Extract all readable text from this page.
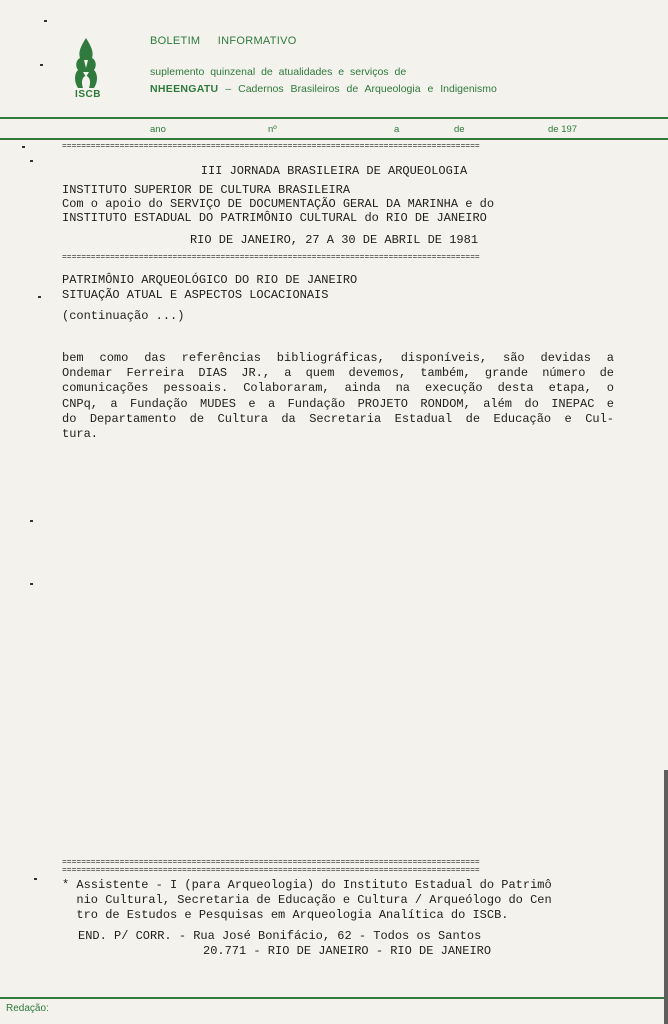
ISCB
BOLETIM INFORMATIVO
suplemento quinzenal de atualidades e serviços de
NHEENGATU – Cadernos Brasileiros de Arqueologia e Indigenismo
ano	nº	a	de	de 197
=======================================================================================
III JORNADA BRASILEIRA DE ARQUEOLOGIA
INSTITUTO SUPERIOR DE CULTURA BRASILEIRA
Com o apoio do SERVIÇO DE DOCUMENTAÇÃO GERAL DA MARINHA e do
INSTITUTO ESTADUAL DO PATRIMÔNIO CULTURAL do RIO DE JANEIRO
RIO DE JANEIRO, 27 A 30 DE ABRIL DE 1981
=======================================================================================
PATRIMÔNIO ARQUEOLÓGICO DO RIO DE JANEIRO
SITUAÇÃO ATUAL E ASPECTOS LOCACIONAIS
(continuação ...)
bem como das referências bibliográficas, disponíveis, são devidas a
Ondemar Ferreira DIAS JR., a quem devemos, também, grande número de
comunicações pessoais. Colaboraram, ainda na execução desta etapa, o
CNPq, a Fundação MUDES e a Fundação PROJETO RONDOM, além do INEPAC e
do Departamento de Cultura da Secretaria Estadual de Educação e Cul-
tura.
=======================================================================================
=======================================================================================
* Assistente - I (para Arqueologia) do Instituto Estadual do Patrimô
nio Cultural, Secretaria de Educação e Cultura / Arqueólogo do Cen
tro de Estudos e Pesquisas em Arqueologia Analítica do ISCB.
END. P/ CORR. - Rua José Bonifácio, 62 - Todos os Santos
20.771 - RIO DE JANEIRO - RIO DE JANEIRO
Redação:
